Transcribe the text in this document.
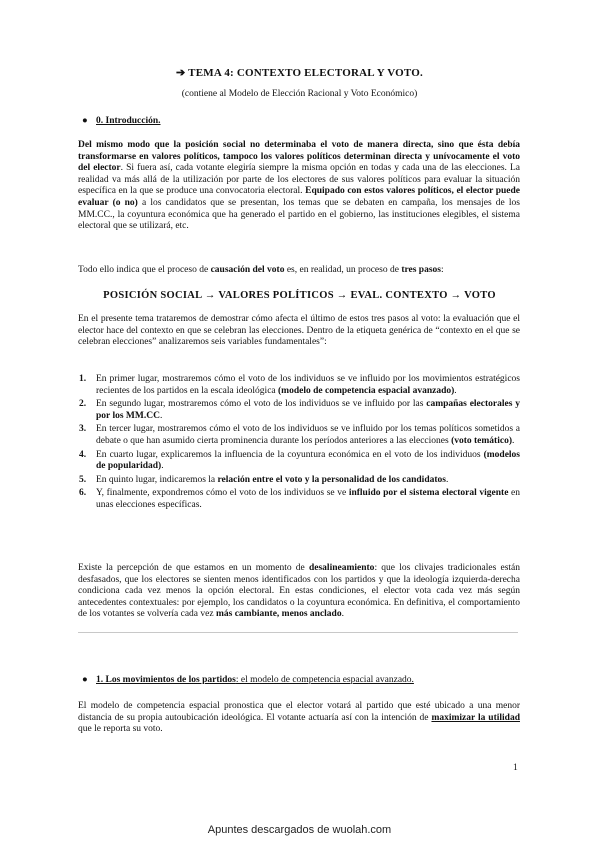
➔ TEMA 4: CONTEXTO ELECTORAL Y VOTO.
(contiene al Modelo de Elección Racional y Voto Económico)
● 0. Introducción.
Del mismo modo que la posición social no determinaba el voto de manera directa, sino que ésta debía transformarse en valores políticos, tampoco los valores políticos determinan directa y unívocamente el voto del elector. Si fuera así, cada votante elegiría siempre la misma opción en todas y cada una de las elecciones. La realidad va más allá de la utilización por parte de los electores de sus valores políticos para evaluar la situación específica en la que se produce una convocatoria electoral. Equipado con estos valores políticos, el elector puede evaluar (o no) a los candidatos que se presentan, los temas que se debaten en campaña, los mensajes de los MM.CC., la coyuntura económica que ha generado el partido en el gobierno, las instituciones elegibles, el sistema electoral que se utilizará, etc.
Todo ello indica que el proceso de causación del voto es, en realidad, un proceso de tres pasos:
POSICIÓN SOCIAL → VALORES POLÍTICOS → EVAL. CONTEXTO → VOTO
En el presente tema trataremos de demostrar cómo afecta el último de estos tres pasos al voto: la evaluación que el elector hace del contexto en que se celebran las elecciones. Dentro de la etiqueta genérica de “contexto en el que se celebran elecciones” analizaremos seis variables fundamentales”:
1. En primer lugar, mostraremos cómo el voto de los individuos se ve influido por los movimientos estratégicos recientes de los partidos en la escala ideológica (modelo de competencia espacial avanzado).
2. En segundo lugar, mostraremos cómo el voto de los individuos se ve influido por las campañas electorales y por los MM.CC.
3. En tercer lugar, mostraremos cómo el voto de los individuos se ve influido por los temas políticos sometidos a debate o que han asumido cierta prominencia durante los períodos anteriores a las elecciones (voto temático).
4. En cuarto lugar, explicaremos la influencia de la coyuntura económica en el voto de los individuos (modelos de popularidad).
5. En quinto lugar, indicaremos la relación entre el voto y la personalidad de los candidatos.
6. Y, finalmente, expondremos cómo el voto de los individuos se ve influido por el sistema electoral vigente en unas elecciones específicas.
Existe la percepción de que estamos en un momento de desalineamiento: que los clivajes tradicionales están desfasados, que los electores se sienten menos identificados con los partidos y que la ideología izquierda-derecha condiciona cada vez menos la opción electoral. En estas condiciones, el elector vota cada vez más según antecedentes contextuales: por ejemplo, los candidatos o la coyuntura económica. En definitiva, el comportamiento de los votantes se volvería cada vez más cambiante, menos anclado.
● 1. Los movimientos de los partidos: el modelo de competencia espacial avanzado.
El modelo de competencia espacial pronostica que el elector votará al partido que esté ubicado a una menor distancia de su propia autoubicación ideológica. El votante actuaría así con la intención de maximizar la utilidad que le reporta su voto.
1
Apuntes descargados de wuolah.com
